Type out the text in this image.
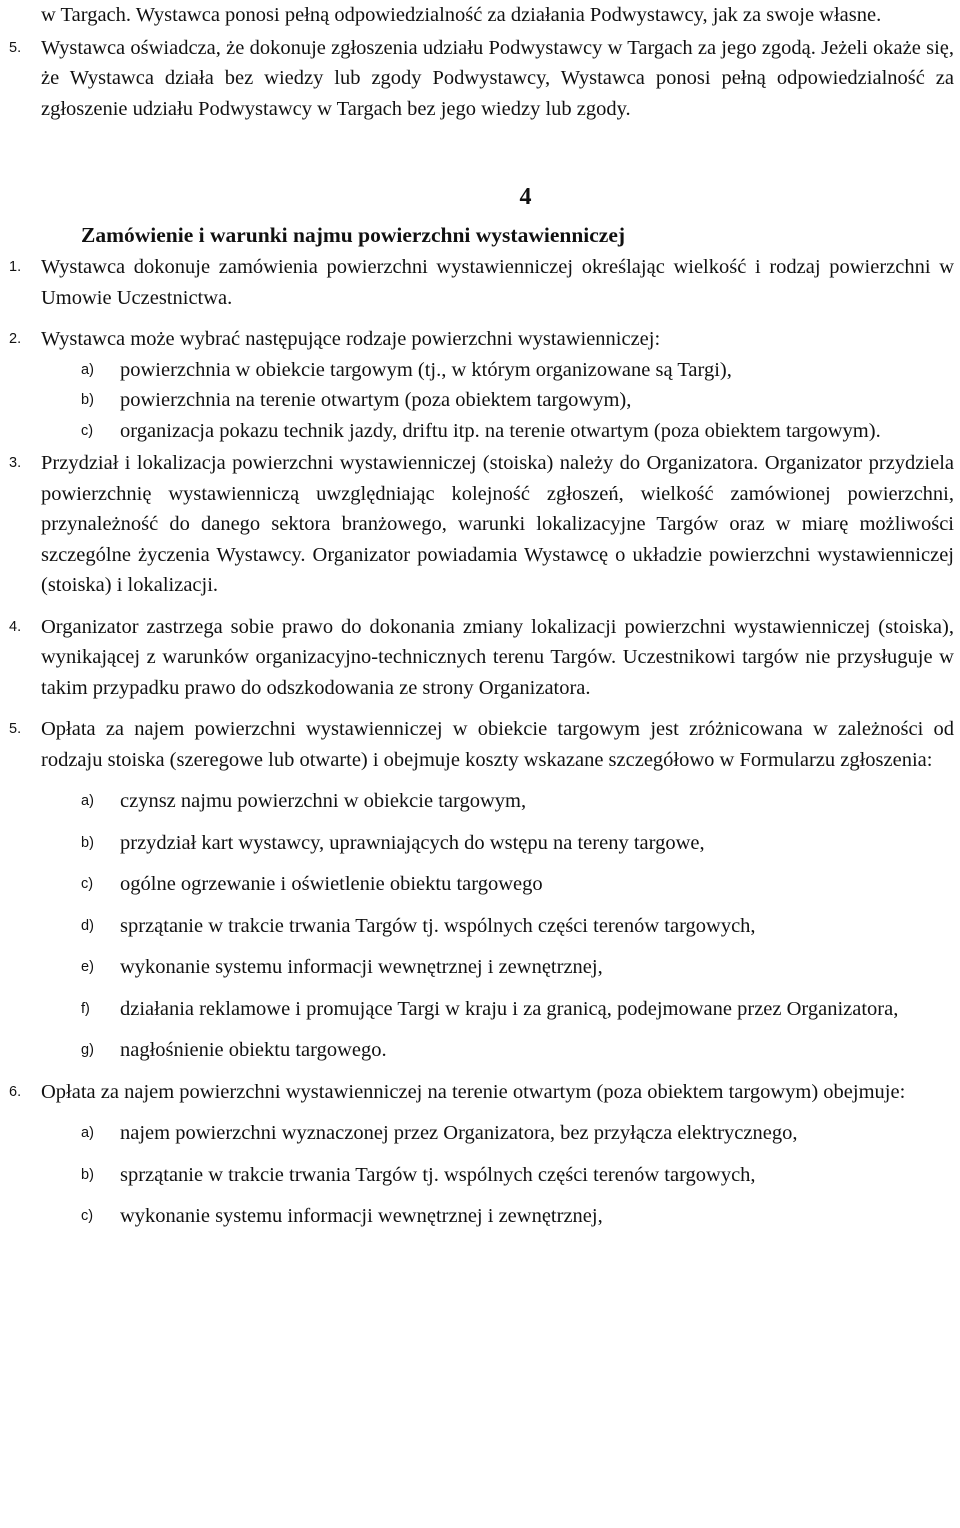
w Targach. Wystawca ponosi pełną odpowiedzialność za działania Podwystawcy, jak za swoje własne.

5. Wystawca oświadcza, że dokonuje zgłoszenia udziału Podwystawcy w Targach za jego zgodą. Jeżeli okaże się, że Wystawca działa bez wiedzy lub zgody Podwystawcy, Wystawca ponosi pełną odpowiedzialność za zgłoszenie udziału Podwystawcy w Targach bez jego wiedzy lub zgody.
4
Zamówienie i warunki najmu powierzchni wystawienniczej
1. Wystawca dokonuje zamówienia powierzchni wystawienniczej określając wielkość i rodzaj powierzchni w Umowie Uczestnictwa.
2. Wystawca może wybrać następujące rodzaje powierzchni wystawienniczej:
a) powierzchnia w obiekcie targowym (tj., w którym organizowane są Targi),
b) powierzchnia na terenie otwartym (poza obiektem targowym),
c) organizacja pokazu technik jazdy, driftu itp. na terenie otwartym (poza obiektem targowym).
3. Przydział i lokalizacja powierzchni wystawienniczej (stoiska) należy do Organizatora. Organizator przydziela powierzchnię wystawienniczą uwzględniając kolejność zgłoszeń, wielkość zamówionej powierzchni, przynależność do danego sektora branżowego, warunki lokalizacyjne Targów oraz w miarę możliwości szczególne życzenia Wystawcy. Organizator powiadamia Wystawcę o układzie powierzchni wystawienniczej (stoiska) i lokalizacji.
4. Organizator zastrzega sobie prawo do dokonania zmiany lokalizacji powierzchni wystawienniczej (stoiska), wynikającej z warunków organizacyjno-technicznych terenu Targów. Uczestnikowi targów nie przysługuje w takim przypadku prawo do odszkodowania ze strony Organizatora.
5. Opłata za najem powierzchni wystawienniczej w obiekcie targowym jest zróżnicowana w zależności od rodzaju stoiska (szeregowe lub otwarte) i obejmuje koszty wskazane szczegółowo w Formularzu zgłoszenia:
a) czynsz najmu powierzchni w obiekcie targowym,
b) przydział kart wystawcy, uprawniających do wstępu na tereny targowe,
c) ogólne ogrzewanie i oświetlenie obiektu targowego
d) sprzątanie w trakcie trwania Targów tj. wspólnych części terenów targowych,
e) wykonanie systemu informacji wewnętrznej i zewnętrznej,
f) działania reklamowe i promujące Targi w kraju i za granicą, podejmowane przez Organizatora,
g) nagłośnienie obiektu targowego.
6. Opłata za najem powierzchni wystawienniczej na terenie otwartym (poza obiektem targowym) obejmuje:
a) najem powierzchni wyznaczonej przez Organizatora, bez przyłącza elektrycznego,
b) sprzątanie w trakcie trwania Targów tj. wspólnych części terenów targowych,
c) wykonanie systemu informacji wewnętrznej i zewnętrznej,
